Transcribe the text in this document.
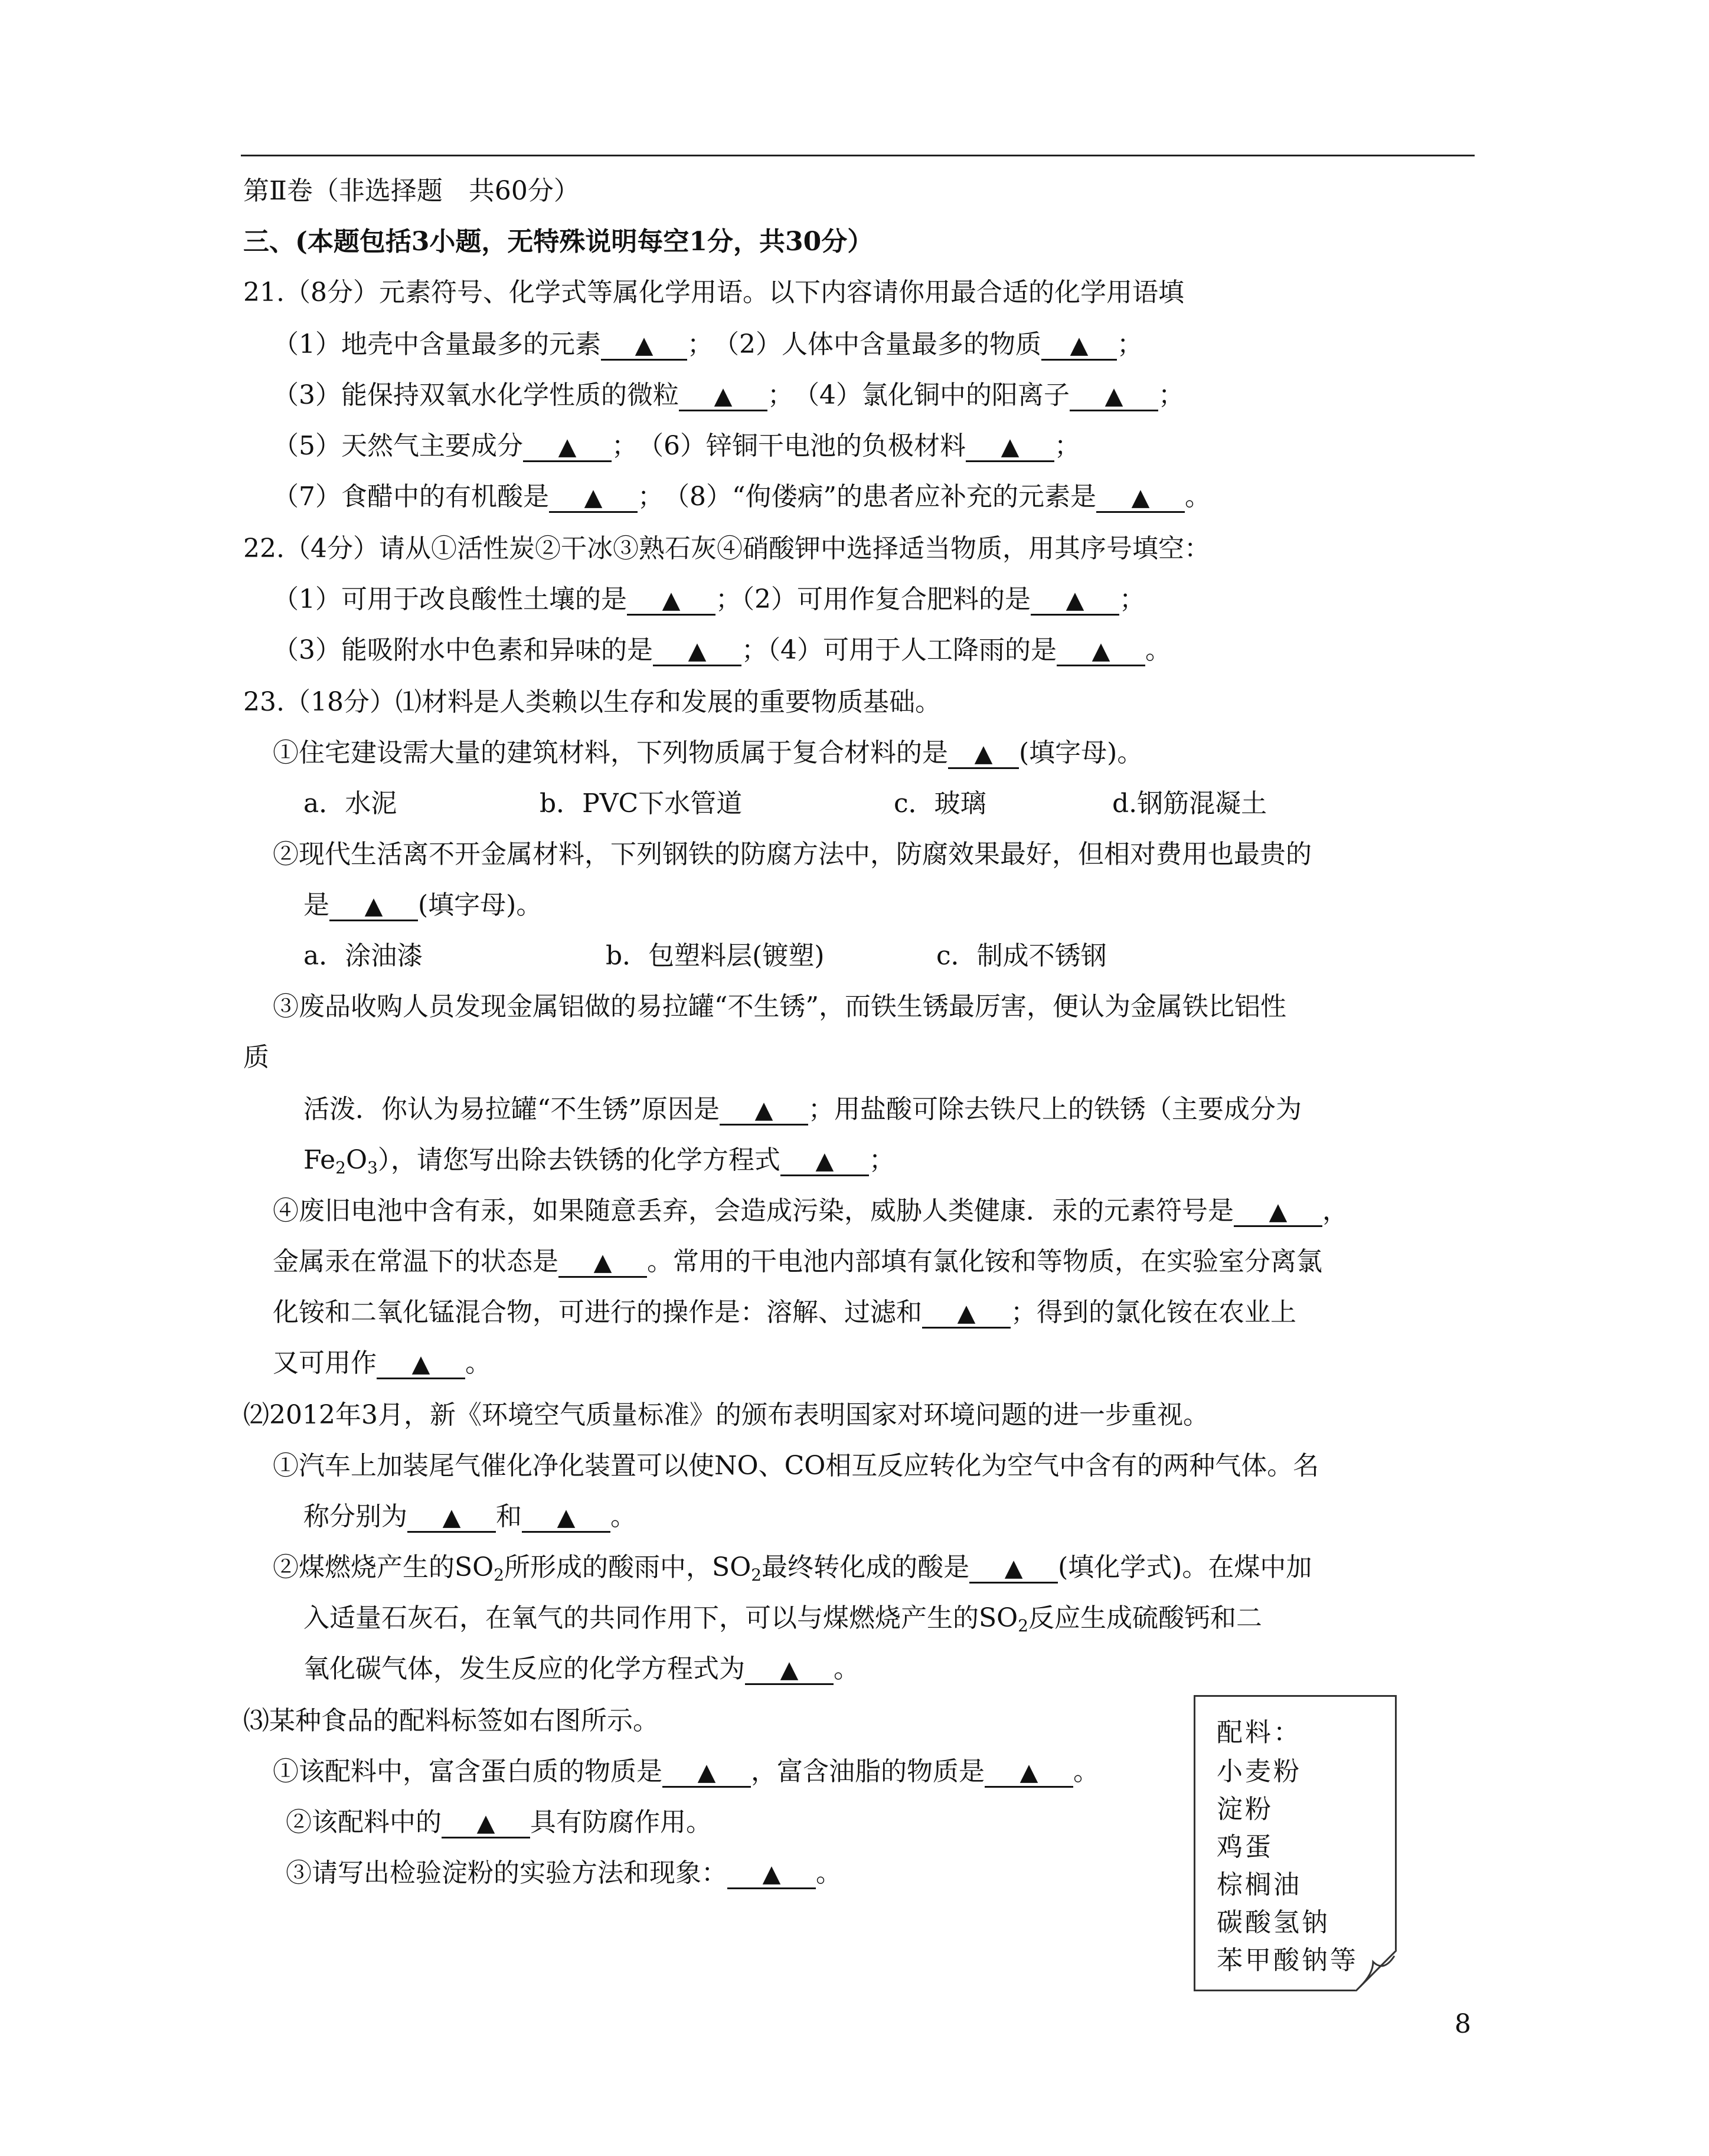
第Ⅱ卷（非选择题　共60分）
三、(本题包括3小题，无特殊说明每空1分，共30分）
21.（8分）元素符号、化学式等属化学用语。以下内容请你用最合适的化学用语填
（1）地壳中含量最多的元素 ▲ ；　（2）人体中含量最多的物质 ▲ ；
（3）能保持双氧水化学性质的微粒 ▲ ；　（4）氯化铜中的阳离子 ▲ ；
（5）天然气主要成分 ▲ ；　（6）锌铜干电池的负极材料 ▲ ；
（7）食醋中的有机酸是 ▲ ；　（8）“佝偻病”的患者应补充的元素是 ▲ 。
22.（4分）请从①活性炭②干冰③熟石灰④硝酸钾中选择适当物质，用其序号填空：
（1）可用于改良酸性土壤的是 ▲ ；（2）可用作复合肥料的是 ▲ ；
（3）能吸附水中色素和异味的是 ▲ ；（4）可用于人工降雨的是 ▲ 。
23.（18分）⑴材料是人类赖以生存和发展的重要物质基础。
①住宅建设需大量的建筑材料，下列物质属于复合材料的是 ▲ (填字母)。
a．水泥	b．PVC下水管道	c．玻璃	d.钢筋混凝土
②现代生活离不开金属材料，下列钢铁的防腐方法中，防腐效果最好，但相对费用也最贵的
是 ▲ (填字母)。
a．涂油漆	b．包塑料层(镀塑)	c．制成不锈钢
③废品收购人员发现金属铝做的易拉罐“不生锈”，而铁生锈最厉害，便认为金属铁比铝性
质
活泼．你认为易拉罐“不生锈”原因是 ▲ ；用盐酸可除去铁尺上的铁锈（主要成分为
$Fe_2O_3$），请您写出除去铁锈的化学方程式 ▲ ；
④废旧电池中含有汞，如果随意丢弃，会造成污染，威胁人类健康．汞的元素符号是 ▲ ，
金属汞在常温下的状态是 ▲ 。常用的干电池内部填有氯化铵和等物质，在实验室分离氯
化铵和二氧化锰混合物，可进行的操作是：溶解、过滤和 ▲ ；得到的氯化铵在农业上
又可用作 ▲ 。
⑵2012年3月，新《环境空气质量标准》的颁布表明国家对环境问题的进一步重视。
①汽车上加装尾气催化净化装置可以使NO、CO相互反应转化为空气中含有的两种气体。名
称分别为 ▲ 和 ▲ 。
②煤燃烧产生的$SO_2$所形成的酸雨中，$SO_2$最终转化成的酸是 ▲ (填化学式)。在煤中加
入适量石灰石，在氧气的共同作用下，可以与煤燃烧产生的$SO_2$反应生成硫酸钙和二
氧化碳气体，发生反应的化学方程式为 ▲ 。
⑶某种食品的配料标签如右图所示。
①该配料中，富含蛋白质的物质是 ▲ ，富含油脂的物质是 ▲ 。
②该配料中的 ▲ 具有防腐作用。
③请写出检验淀粉的实验方法和现象： ▲ 。
配料：
小麦粉
淀粉
鸡蛋
棕榈油
碳酸氢钠
苯甲酸钠等
8
